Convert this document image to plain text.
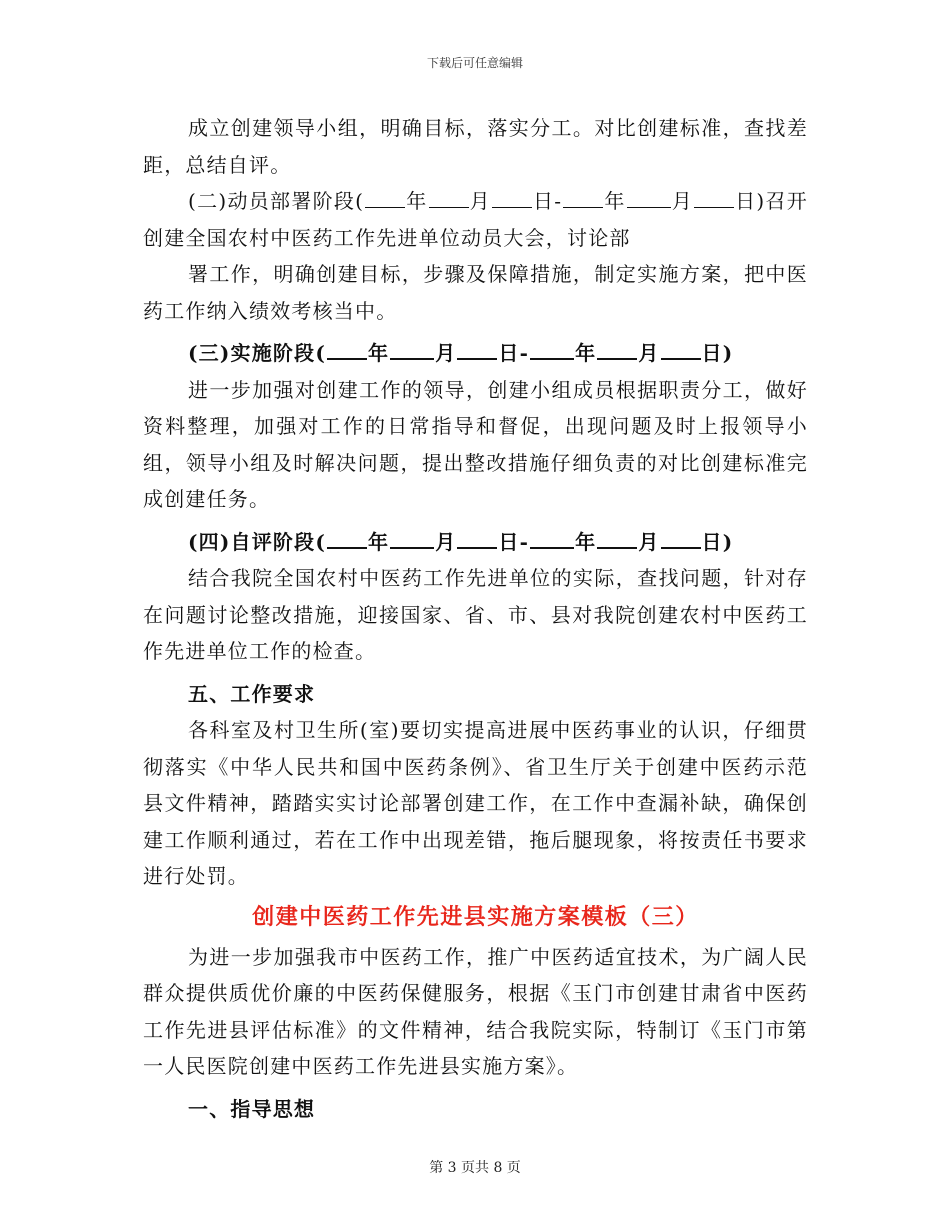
下载后可任意编辑

成立创建领导小组，明确目标，落实分工。对比创建标准，查找差距，总结自评。

(二)动员部署阶段( 年 月 日- 年 月 日)召开创建全国农村中医药工作先进单位动员大会，讨论部

署工作，明确创建目标，步骤及保障措施，制定实施方案，把中医药工作纳入绩效考核当中。

(三)实施阶段( 年 月 日- 年 月 日)

进一步加强对创建工作的领导，创建小组成员根据职责分工，做好资料整理，加强对工作的日常指导和督促，出现问题及时上报领导小组，领导小组及时解决问题，提出整改措施仔细负责的对比创建标准完成创建任务。

(四)自评阶段( 年 月 日- 年 月 日)

结合我院全国农村中医药工作先进单位的实际，查找问题，针对存在问题讨论整改措施，迎接国家、省、市、县对我院创建农村中医药工作先进单位工作的检查。

五、工作要求

各科室及村卫生所(室)要切实提高进展中医药事业的认识，仔细贯彻落实《中华人民共和国中医药条例》、省卫生厅关于创建中医药示范县文件精神，踏踏实实讨论部署创建工作，在工作中查漏补缺，确保创建工作顺利通过，若在工作中出现差错，拖后腿现象，将按责任书要求进行处罚。

创建中医药工作先进县实施方案模板（三）

为进一步加强我市中医药工作，推广中医药适宜技术，为广阔人民群众提供质优价廉的中医药保健服务，根据《玉门市创建甘肃省中医药工作先进县评估标准》的文件精神，结合我院实际，特制订《玉门市第一人民医院创建中医药工作先进县实施方案》。

一、指导思想

第 3 页共 8 页
